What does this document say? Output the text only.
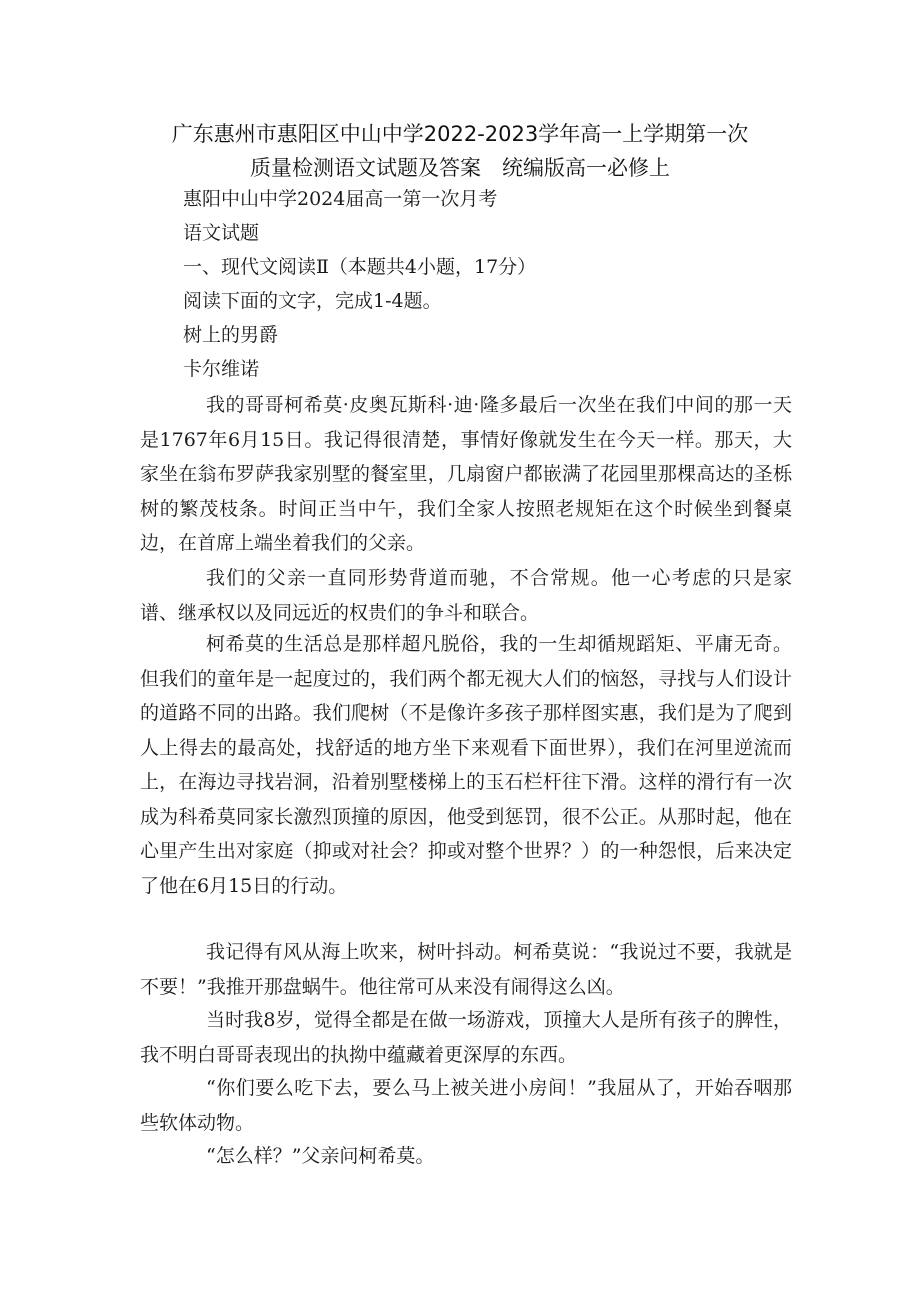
广东惠州市惠阳区中山中学2022-2023学年高一上学期第一次
质量检测语文试题及答案　统编版高一必修上
惠阳中山中学2024届高一第一次月考
语文试题
一、现代文阅读Ⅱ（本题共4小题，17分）
阅读下面的文字，完成1-4题。
树上的男爵
卡尔维诺
我的哥哥柯希莫·皮奥瓦斯科·迪·隆多最后一次坐在我们中间的那一天是1767年6月15日。我记得很清楚，事情好像就发生在今天一样。那天，大家坐在翁布罗萨我家别墅的餐室里，几扇窗户都嵌满了花园里那棵高达的圣栎树的繁茂枝条。时间正当中午，我们全家人按照老规矩在这个时候坐到餐桌边，在首席上端坐着我们的父亲。
我们的父亲一直同形势背道而驰，不合常规。他一心考虑的只是家谱、继承权以及同远近的权贵们的争斗和联合。
柯希莫的生活总是那样超凡脱俗，我的一生却循规蹈矩、平庸无奇。但我们的童年是一起度过的，我们两个都无视大人们的恼怒，寻找与人们设计的道路不同的出路。我们爬树（不是像许多孩子那样图实惠，我们是为了爬到人上得去的最高处，找舒适的地方坐下来观看下面世界），我们在河里逆流而上，在海边寻找岩洞，沿着别墅楼梯上的玉石栏杆往下滑。这样的滑行有一次成为科希莫同家长激烈顶撞的原因，他受到惩罚，很不公正。从那时起，他在心里产生出对家庭（抑或对社会？抑或对整个世界？）的一种怨恨，后来决定了他在6月15日的行动。
我记得有风从海上吹来，树叶抖动。柯希莫说：“我说过不要，我就是不要！”我推开那盘蜗牛。他往常可从来没有闹得这么凶。
当时我8岁，觉得全都是在做一场游戏，顶撞大人是所有孩子的脾性，我不明白哥哥表现出的执拗中蕴藏着更深厚的东西。
“你们要么吃下去，要么马上被关进小房间！”我屈从了，开始吞咽那些软体动物。
“怎么样？”父亲问柯希莫。
